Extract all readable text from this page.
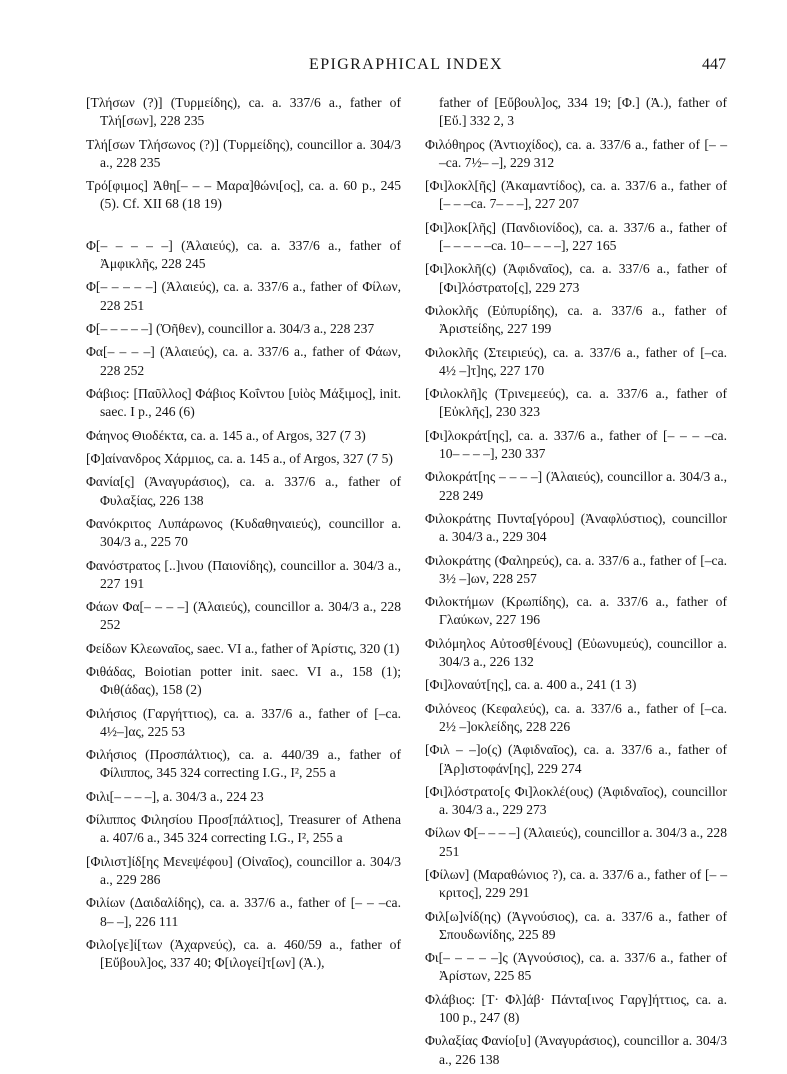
EPIGRAPHICAL INDEX	447

[Τλήσων (?)] (Τυρμείδης), ca. a. 337/6 a., father of Τλή[σων], 228 235

Τλή[σων Τλήσωνος (?)] (Τυρμείδης), councillor a. 304/3 a., 228 235

Τρό[φιμος] Ἀθη[– – – Μαρα]θώνι[ος], ca. a. 60 p., 245 (5). Cf. XII 68 (18 19)

Φ[– – – – –] (Ἁλαιεύς), ca. a. 337/6 a., father of Ἀμφικλῆς, 228 245

Φ[– – – – –] (Ἁλαιεύς), ca. a. 337/6 a., father of Φίλων, 228 251

Φ[– – – – –] (Ὀῆθεν), councillor a. 304/3 a., 228 237

Φα[– – – –] (Ἁλαιεύς), ca. a. 337/6 a., father of Φάων, 228 252

Φάβιος: [Παῦλλος] Φάβιος Κοΐντου [υἱὸς Μάξιμος], init. saec. I p., 246 (6)

Φάηνος Θιοδέκτα, ca. a. 145 a., of Argos, 327 (7 3)

[Φ]αίνανδρος Χάρμιος, ca. a. 145 a., of Argos, 327 (7 5)

Φανία[ς] (Ἀναγυράσιος), ca. a. 337/6 a., father of Φυλαξίας, 226 138

Φανόκριτος Λυπάρωνος (Κυδαθηναιεύς), councillor a. 304/3 a., 225 70

Φανόστρατος [..]ινου (Παιονίδης), councillor a. 304/3 a., 227 191

Φάων Φα[– – – –] (Ἁλαιεύς), councillor a. 304/3 a., 228 252

Φείδων Κλεωναῖος, saec. VI a., father of Ἀρίστις, 320 (1)

Φιθάδας, Boiotian potter init. saec. VI a., 158 (1); Φιθ(άδας), 158 (2)

Φιλήσιος (Γαργήττιος), ca. a. 337/6 a., father of [–ca. 4½–]ας, 225 53

Φιλήσιος (Προσπάλτιος), ca. a. 440/39 a., father of Φίλιππος, 345 324 correcting I.G., I², 255 a

Φιλι[– – – –], a. 304/3 a., 224 23

Φίλιππος Φιλησίου Προσ[πάλτιος], Treasurer of Athena a. 407/6 a., 345 324 correcting I.G., I², 255 a

[Φιλιστ]ίδ[ης Μενεψέφου] (Οἰναῖος), councillor a. 304/3 a., 229 286

Φιλίων (Δαιδαλίδης), ca. a. 337/6 a., father of [– – –ca. 8– –], 226 111

Φιλο[γε]ί[των (Ἀχαρνεύς), ca. a. 460/59 a., father of [Εὔβουλ]ος, 337 40; Φ[ιλογεί]τ[ων] (Ἀ.),

father of [Εὔβουλ]ος, 334 19; [Φ.] (Ἀ.), father of [Εὔ.] 332 2, 3

Φιλόθηρος (Ἀντιοχίδος), ca. a. 337/6 a., father of [– – –ca. 7½– –], 229 312

[Φι]λοκλ[ῆς] (Ἀκαμαντίδος), ca. a. 337/6 a., father of [– – –ca. 7– – –], 227 207

[Φι]λοκ[λῆς] (Πανδιονίδος), ca. a. 337/6 a., father of [– – – – –ca. 10– – – –], 227 165

[Φι]λοκλῆ(ς) (Ἀφιδναῖος), ca. a. 337/6 a., father of [Φι]λόστρατο[ς], 229 273

Φιλοκλῆς (Εὐπυρίδης), ca. a. 337/6 a., father of Ἀριστείδης, 227 199

Φιλοκλῆς (Στειριεύς), ca. a. 337/6 a., father of [–ca. 4½ –]τ]ης, 227 170

[Φιλοκλῆ]ς (Τρινεμεεύς), ca. a. 337/6 a., father of [Εὐκλῆς], 230 323

[Φι]λοκράτ[ης], ca. a. 337/6 a., father of [– – – –ca. 10– – – –], 230 337

Φιλοκράτ[ης – – – –] (Ἁλαιεύς), councillor a. 304/3 a., 228 249

Φιλοκράτης Πυντα[γόρου] (Ἀναφλύστιος), councillor a. 304/3 a., 229 304

Φιλοκράτης (Φαληρεύς), ca. a. 337/6 a., father of [–ca. 3½ –]ων, 228 257

Φιλοκτήμων (Κρωπίδης), ca. a. 337/6 a., father of Γλαύκων, 227 196

Φιλόμηλος Αὐτοσθ[ένους] (Εὐωνυμεύς), councillor a. 304/3 a., 226 132

[Φι]λοναύτ[ης], ca. a. 400 a., 241 (1 3)

Φιλόνεος (Κεφαλεύς), ca. a. 337/6 a., father of [–ca. 2½ –]οκλείδης, 228 226

[Φιλ – –]ο(ς) (Ἀφιδναῖος), ca. a. 337/6 a., father of [Ἀρ]ιστοφάν[ης], 229 274

[Φι]λόστρατο[ς Φι]λοκλέ(ους) (Ἀφιδναῖος), councillor a. 304/3 a., 229 273

Φίλων Φ[– – – –] (Ἁλαιεύς), councillor a. 304/3 a., 228 251

[Φίλων] (Μαραθώνιος ?), ca. a. 337/6 a., father of [– – κριτος], 229 291

Φιλ[ω]νίδ(ης) (Ἁγνούσιος), ca. a. 337/6 a., father of Σπουδωνίδης, 225 89

Φι[– – – – –]ς (Ἁγνούσιος), ca. a. 337/6 a., father of Ἀρίστων, 225 85

Φλάβιος: [Τ· Φλ]άβ· Πάντα[ινος Γαργ]ήττιος, ca. a. 100 p., 247 (8)

Φυλαξίας Φανίο[υ] (Ἀναγυράσιος), councillor a. 304/3 a., 226 138
